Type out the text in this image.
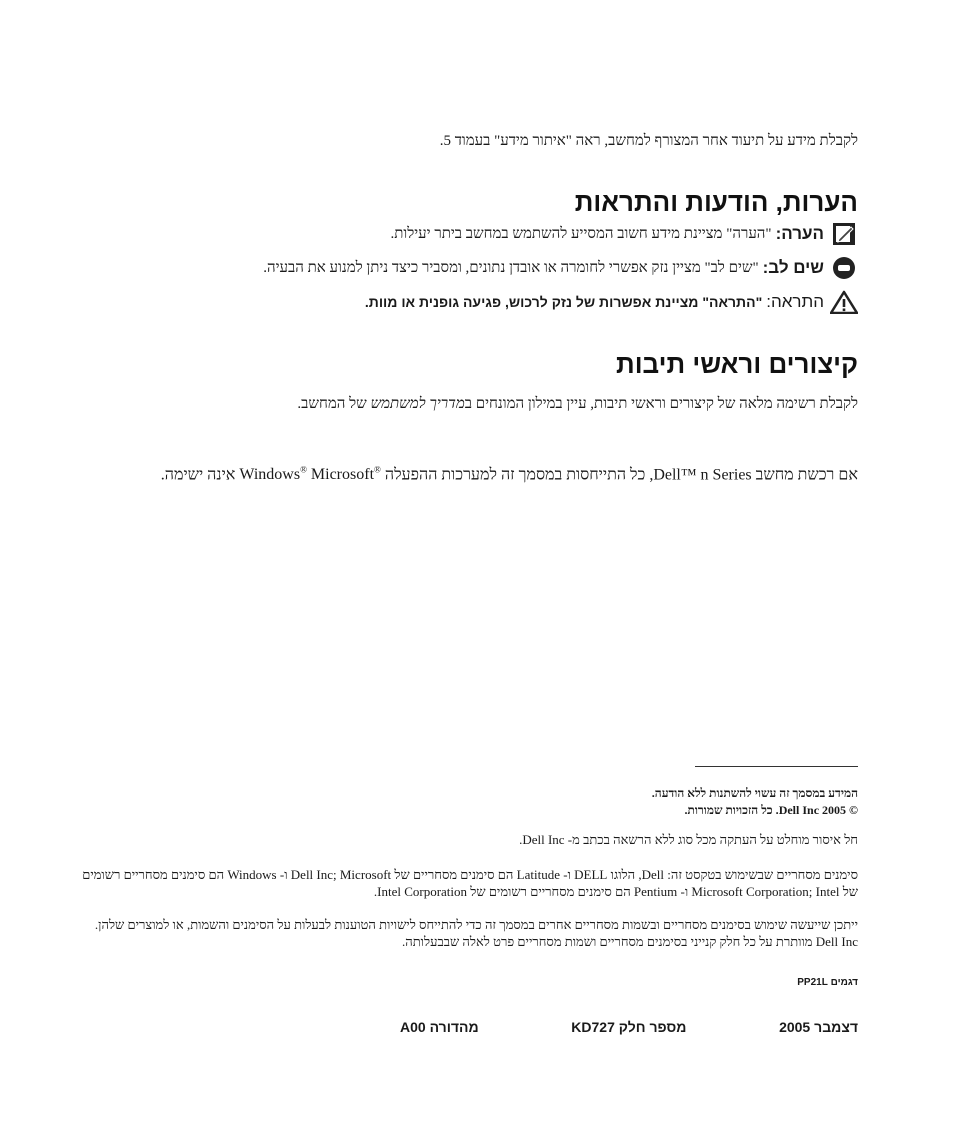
לקבלת מידע על תיעוד אחר המצורף למחשב, ראה "איתור מידע" בעמוד 5.
הערות, הודעות והתראות
הערה:
"הערה" מציינת מידע חשוב המסייע להשתמש במחשב ביתר יעילות.
שים לב:
"שים לב" מציין נזק אפשרי לחומרה או אובדן נתונים, ומסביר כיצד ניתן למנוע את הבעיה.
התראה:
"התראה" מציינת אפשרות של נזק לרכוש, פגיעה גופנית או מוות.
קיצורים וראשי תיבות
לקבלת רשימה מלאה של קיצורים וראשי תיבות, עיין במילון המונחים במדריך למשתמש של המחשב.
אם רכשת מחשב Dell™ n Series, כל התייחסות במסמך זה למערכות ההפעלה Windows® Microsoft® אינה ישימה.
המידע במסמך זה עשוי להשתנות ללא הודעה.
© 2005 Dell Inc. כל הזכויות שמורות.
חל איסור מוחלט על העתקה מכל סוג ללא הרשאה בכתב מ- Dell Inc.
סימנים מסחריים שבשימוש בטקסט זה: Dell, הלוגו DELL ו- Latitude הם סימנים מסחריים של Dell Inc; Microsoft ו- Windows הם סימנים מסחריים רשומים של Microsoft Corporation; Intel ו- Pentium הם סימנים מסחריים רשומים של Intel Corporation.
ייתכן שייעשה שימוש בסימנים מסחריים ובשמות מסחריים אחרים במסמך זה כדי להתייחס לישויות הטוענות לבעלות על הסימנים והשמות, או למוצרים שלהן. Dell Inc מוותרת על כל חלק קנייני בסימנים מסחריים ושמות מסחריים פרט לאלה שבבעלותה.
דגמים PP21L
דצמבר 2005
מספר חלק KD727
מהדורה A00
